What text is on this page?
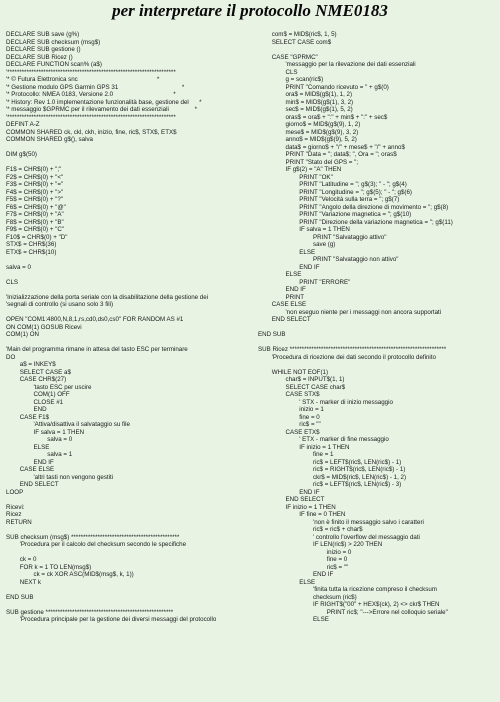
per interpretare il protocollo NME0183
DECLARE SUB save (g%)
DECLARE SUB checksum (msg$)
DECLARE SUB gestione ()
DECLARE SUB Ricez ()
DECLARE FUNCTION scan% (a$)
'**********************************************************************
'* © Futura Elettronica snc                                              *
'* Gestione modulo GPS Garmin GPS 31                                     *
'* Protocollo: NMEA 0183, Versione 2.0                                   *
'* History: Rev 1.0 implementazione funzionalità base, gestione del      *
'* messaggio $GPRMC per il rilevamento dei dati essenziali               *
'**********************************************************************
DEFINT A-Z
COMMON SHARED ck, ckl, ckh, inizio, fine, ric$, STX$, ETX$
COMMON SHARED g$(), salva
DIM g$(50)
F1$ = CHR$(0) + ";"
F2$ = CHR$(0) + "<"
F3$ = CHR$(0) + "="
F4$ = CHR$(0) + ">"
F5$ = CHR$(0) + "?"
F6$ = CHR$(0) + "@"
F7$ = CHR$(0) + "A"
F8$ = CHR$(0) + "B"
F9$ = CHR$(0) + "C"
F10$ = CHR$(0) + "D"
STX$ = CHR$(36)
ETX$ = CHR$(10)
salva = 0
CLS
'Inizializzazione della porta seriale con la disabilitazione della gestione dei
'segnali di controllo (si usano solo 3 fili)
OPEN "COM1:4800,N,8,1,rs,cd0,ds0,cs0" FOR RANDOM AS #1
ON COM(1) GOSUB Ricevi
COM(1) ON
'Main del programma rimane in attesa del tasto ESC per terminare
DO
a$ = INKEY$
SELECT CASE a$
CASE CHR$(27)
'tasto ESC per uscire
COM(1) OFF
CLOSE #1
END
CASE F1$
'Attiva/disattiva il salvataggio su file
IF salva = 1 THEN
salva = 0
ELSE
salva = 1
END IF
CASE ELSE
'altri tasti non vengono gestiti
END SELECT
LOOP
Ricevi:
Ricez
RETURN
SUB checksum (msg$) *********************************************
'Procedura per il calcolo del checksum secondo le specifiche
ck = 0
FOR k = 1 TO LEN(msg$)
ck = ck XOR ASC(MID$(msg$, k, 1))
NEXT k
END SUB
SUB gestione *****************************************************
'Procedura principale per la gestione dei diversi messaggi del protocollo
com$ = MID$(ric$, 1, 5)
SELECT CASE com$
CASE "GPRMC"
'messaggio per la rilevazione dei dati essenziali
CLS
g = scan(ric$)
PRINT "Comando ricevuto = " + g$(0)
ora$ = MID$(g$(1), 1, 2)
min$ = MID$(g$(1), 3, 2)
sec$ = MID$(g$(1), 5, 2)
oras$ = ora$ + ":" + min$ + ":" + sec$
giorno$ = MID$(g$(9), 1, 2)
mese$ = MID$(g$(9), 3, 2)
anno$ = MID$(g$(9), 5, 2)
data$ = giorno$ + "/" + mese$ + "/" + anno$
PRINT "Data = "; data$; ", Ora = "; oras$
PRINT "Stato del GPS = ";
IF g$(2) = "A" THEN
PRINT "OK"
PRINT "Latitudine = "; g$(3); " - "; g$(4)
PRINT "Longitudine = "; g$(5); " - "; g$(6)
PRINT "Velocità sulla terra = "; g$(7)
PRINT "Angolo della direzione di movimento = "; g$(8)
PRINT "Variazione magnetica = "; g$(10)
PRINT "Direzione della variazione magnetica = "; g$(11)
IF salva = 1 THEN
PRINT "Salvataggio attivo"
save (g)
ELSE
PRINT "Salvataggio non attivo"
END IF
ELSE
PRINT "ERRORE"
END IF
PRINT
CASE ELSE
'non eseguo niente per i messaggi non ancora supportati
END SELECT
END SUB
SUB Ricez *****************************************************************
'Procedura di ricezione dei dati secondo il protocollo definito
WHILE NOT EOF(1)
char$ = INPUT$(1, 1)
SELECT CASE char$
CASE STX$
' STX - marker di inizio messaggio
inizio = 1
fine = 0
ric$ = ""
CASE ETX$
' ETX - marker di fine messaggio
IF inizio = 1 THEN
fine = 1
ric$ = LEFT$(ric$, LEN(ric$) - 1)
ric$ = RIGHT$(ric$, LEN(ric$) - 1)
ckr$ = MID$(ric$, LEN(ric$) - 1, 2)
ric$ = LEFT$(ric$, LEN(ric$) - 3)
END IF
END SELECT
IF inizio = 1 THEN
IF fine = 0 THEN
'non è finito il messaggio salvo i caratteri
ric$ = ric$ + char$
' controllo l'overflow del messaggio dati
IF LEN(ric$) > 220 THEN
inizio = 0
fine = 0
ric$ = ""
END IF
ELSE
'finita tutta la ricezione compreso il checksum
checksum (ric$)
IF RIGHT$("00" + HEX$(ck), 2) <> ckr$ THEN
PRINT ric$; "--->Errore nel colloquio seriale"
ELSE
